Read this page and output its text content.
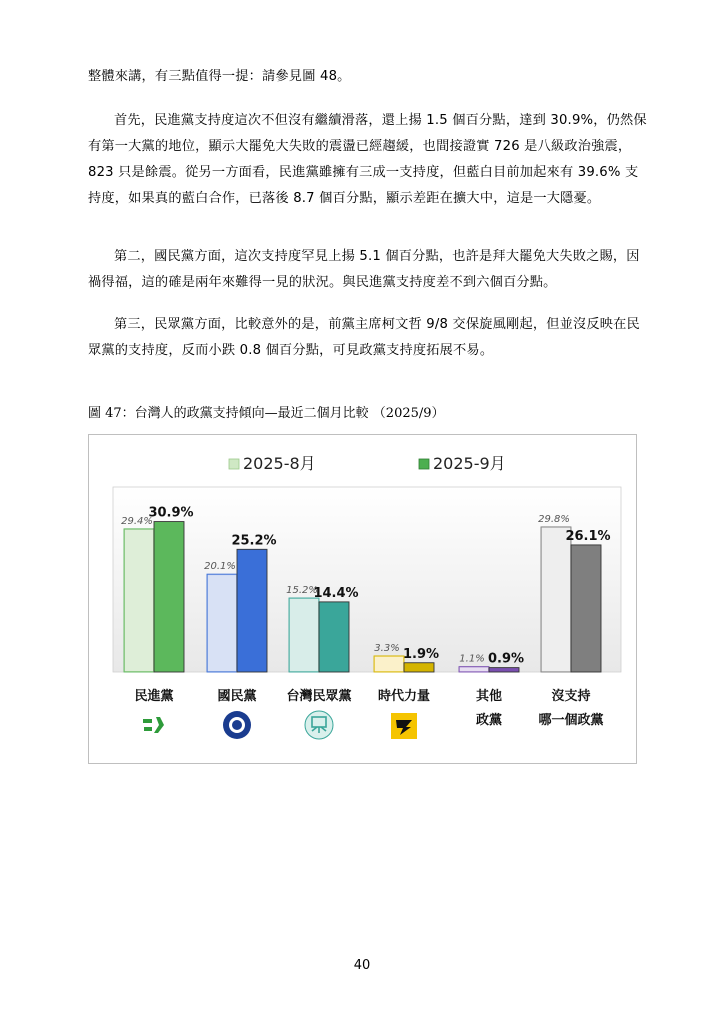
整體來講，有三點值得一提：請參見圖 48。

首先，民進黨支持度這次不但沒有繼續滑落，還上揚 1.5 個百分點，達到 30.9%，仍然保有第一大黨的地位，顯示大罷免大失敗的震盪已經趨緩，也間接證實 726 是八級政治強震，823 只是餘震。從另一方面看，民進黨雖擁有三成一支持度，但藍白目前加起來有 39.6% 支持度，如果真的藍白合作，已落後 8.7 個百分點，顯示差距在擴大中，這是一大隱憂。

第二，國民黨方面，這次支持度罕見上揚 5.1 個百分點，也許是拜大罷免大失敗之賜，因禍得福，這的確是兩年來難得一見的狀況。與民進黨支持度差不到六個百分點。

第三，民眾黨方面，比較意外的是，前黨主席柯文哲 9/8 交保旋風剛起，但並沒反映在民眾黨的支持度，反而小跌 0.8 個百分點，可見政黨支持度拓展不易。

圖 47：台灣人的政黨支持傾向—最近二個月比較 （2025/9）

2025-8月	2025-9月
29.4%
30.9%
20.1%
25.2%
15.2%
14.4%
3.3% 1.9% 1.1% 0.9%
29.8%
26.1%
民進黨	國民黨 台灣民眾黨 時代力量	其他
政黨
沒支持
哪一個政黨
40
